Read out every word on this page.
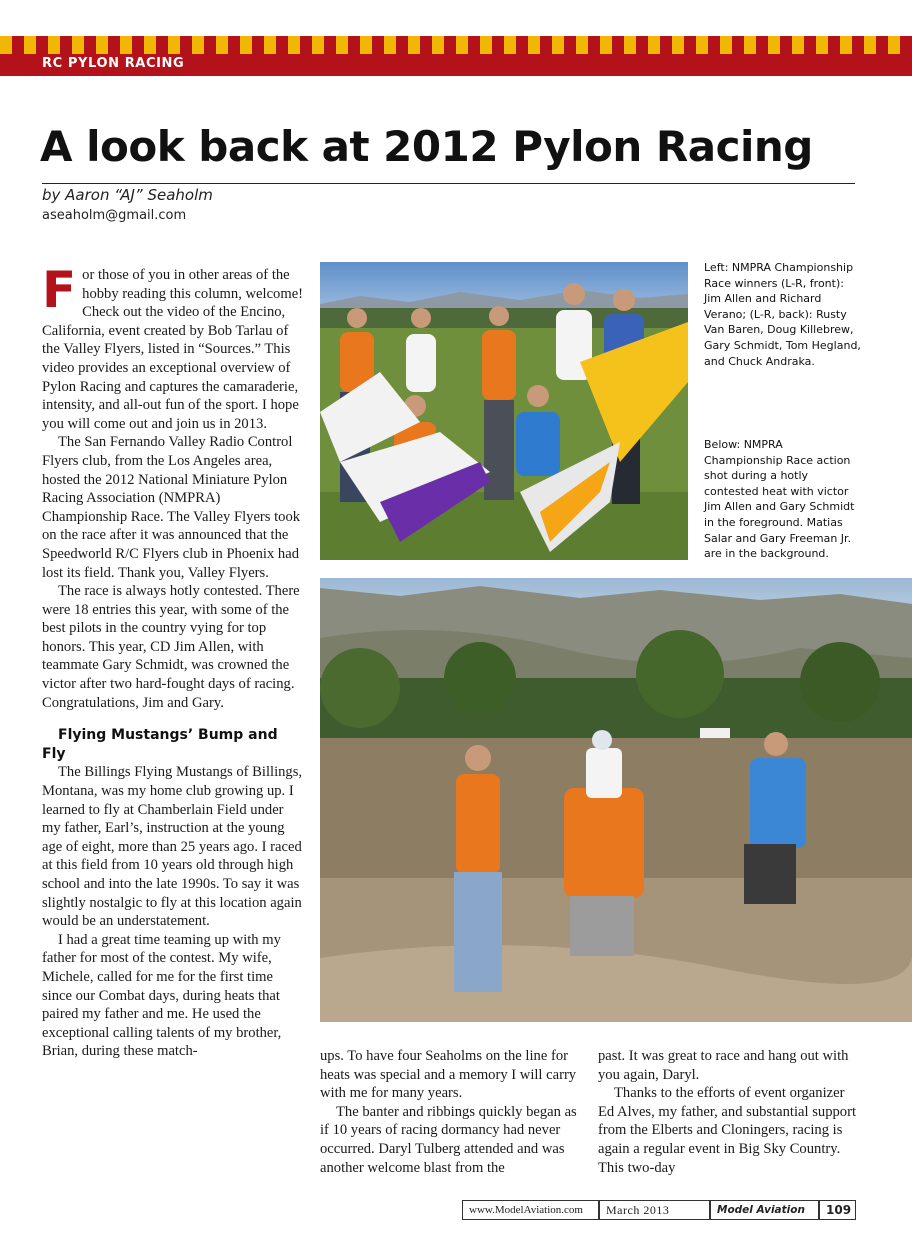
RC PYLON RACING
A look back at 2012 Pylon Racing
by Aaron “AJ” Seaholm
aseaholm@gmail.com

For those of you in other areas of the hobby reading this column, welcome! Check out the video of the Encino, California, event created by Bob Tarlau of the Valley Flyers, listed in “Sources.” This video provides an exceptional overview of Pylon Racing and captures the camaraderie, intensity, and all-out fun of the sport. I hope you will come out and join us in 2013.

The San Fernando Valley Radio Control Flyers club, from the Los Angeles area, hosted the 2012 National Miniature Pylon Racing Association (NMPRA) Championship Race. The Valley Flyers took on the race after it was announced that the Speedworld R/C Flyers club in Phoenix had lost its field. Thank you, Valley Flyers.

The race is always hotly contested. There were 18 entries this year, with some of the best pilots in the country vying for top honors. This year, CD Jim Allen, with teammate Gary Schmidt, was crowned the victor after two hard-fought days of racing. Congratulations, Jim and Gary.

Flying Mustangs’ Bump and Fly

The Billings Flying Mustangs of Billings, Montana, was my home club growing up. I learned to fly at Chamberlain Field under my father, Earl’s, instruction at the young age of eight, more than 25 years ago. I raced at this field from 10 years old through high school and into the late 1990s. To say it was slightly nostalgic to fly at this location again would be an understatement.

I had a great time teaming up with my father for most of the contest. My wife, Michele, called for me for the first time since our Combat days, during heats that paired my father and me. He used the exceptional calling talents of my brother, Brian, during these match-

Left: NMPRA Championship Race winners (L-R, front): Jim Allen and Richard Verano; (L-R, back): Rusty Van Baren, Doug Killebrew, Gary Schmidt, Tom Hegland, and Chuck Andraka.
Below: NMPRA Championship Race action shot during a hotly contested heat with victor Jim Allen and Gary Schmidt in the foreground. Matias Salar and Gary Freeman Jr. are in the background.

ups. To have four Seaholms on the line for heats was special and a memory I will carry with me for many years.

The banter and ribbings quickly began as if 10 years of racing dormancy had never occurred. Daryl Tulberg attended and was another welcome blast from the

past. It was great to race and hang out with you again, Daryl.

Thanks to the efforts of event organizer Ed Alves, my father, and substantial support from the Elberts and Cloningers, racing is again a regular event in Big Sky Country. This two-day

www.ModelAviation.com	March 2013	Model Aviation	109
